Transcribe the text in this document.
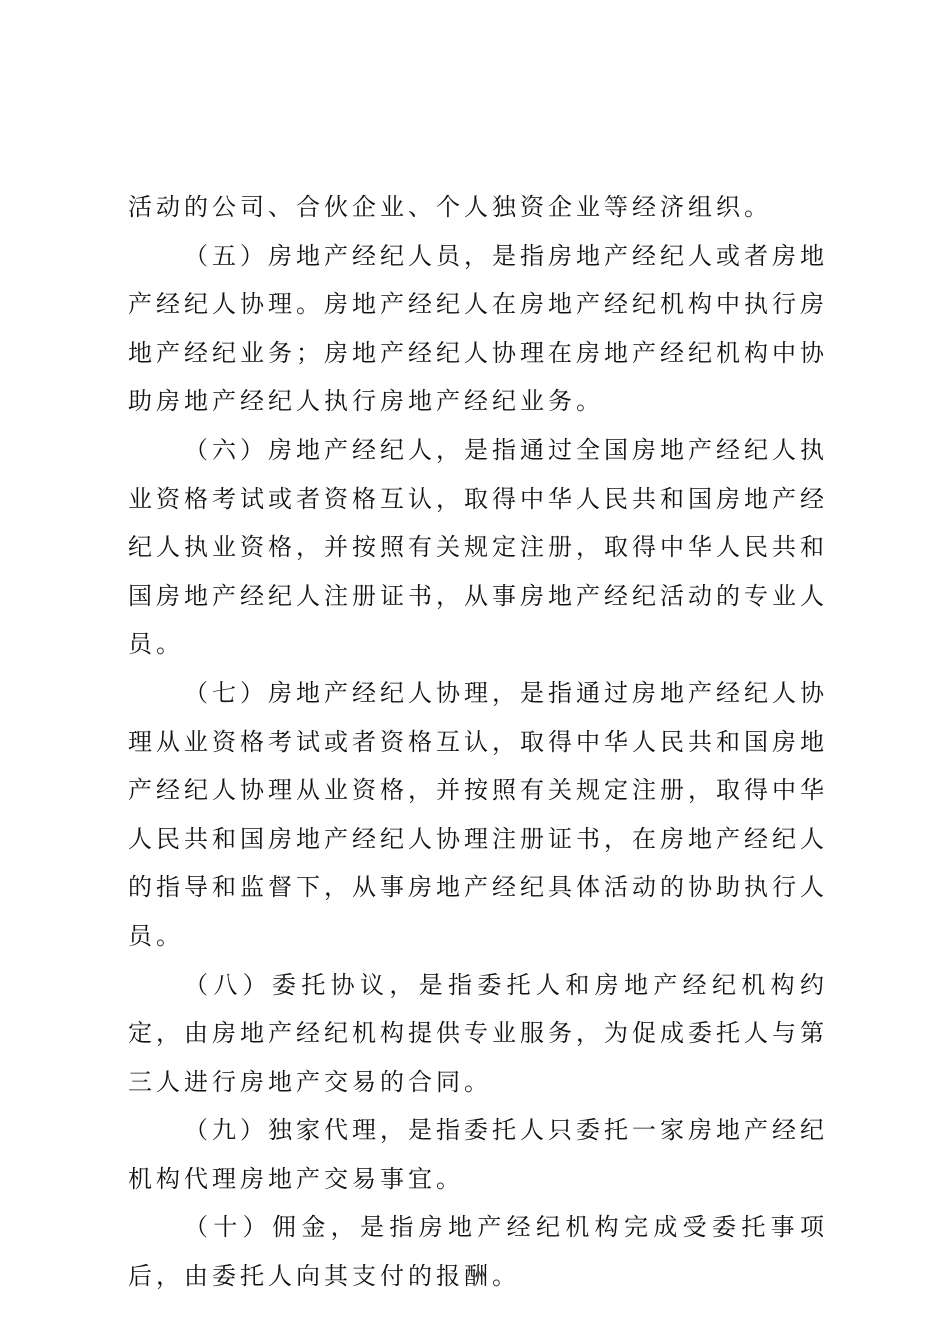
活动的公司、合伙企业、个人独资企业等经济组织。

（五）房地产经纪人员，是指房地产经纪人或者房地产经纪人协理。房地产经纪人在房地产经纪机构中执行房地产经纪业务；房地产经纪人协理在房地产经纪机构中协助房地产经纪人执行房地产经纪业务。

（六）房地产经纪人，是指通过全国房地产经纪人执业资格考试或者资格互认，取得中华人民共和国房地产经纪人执业资格，并按照有关规定注册，取得中华人民共和国房地产经纪人注册证书，从事房地产经纪活动的专业人员。

（七）房地产经纪人协理，是指通过房地产经纪人协理从业资格考试或者资格互认，取得中华人民共和国房地产经纪人协理从业资格，并按照有关规定注册，取得中华人民共和国房地产经纪人协理注册证书，在房地产经纪人的指导和监督下，从事房地产经纪具体活动的协助执行人员。

（八）委托协议，是指委托人和房地产经纪机构约定，由房地产经纪机构提供专业服务，为促成委托人与第三人进行房地产交易的合同。

（九）独家代理，是指委托人只委托一家房地产经纪机构代理房地产交易事宜。

（十）佣金，是指房地产经纪机构完成受委托事项后，由委托人向其支付的报酬。
